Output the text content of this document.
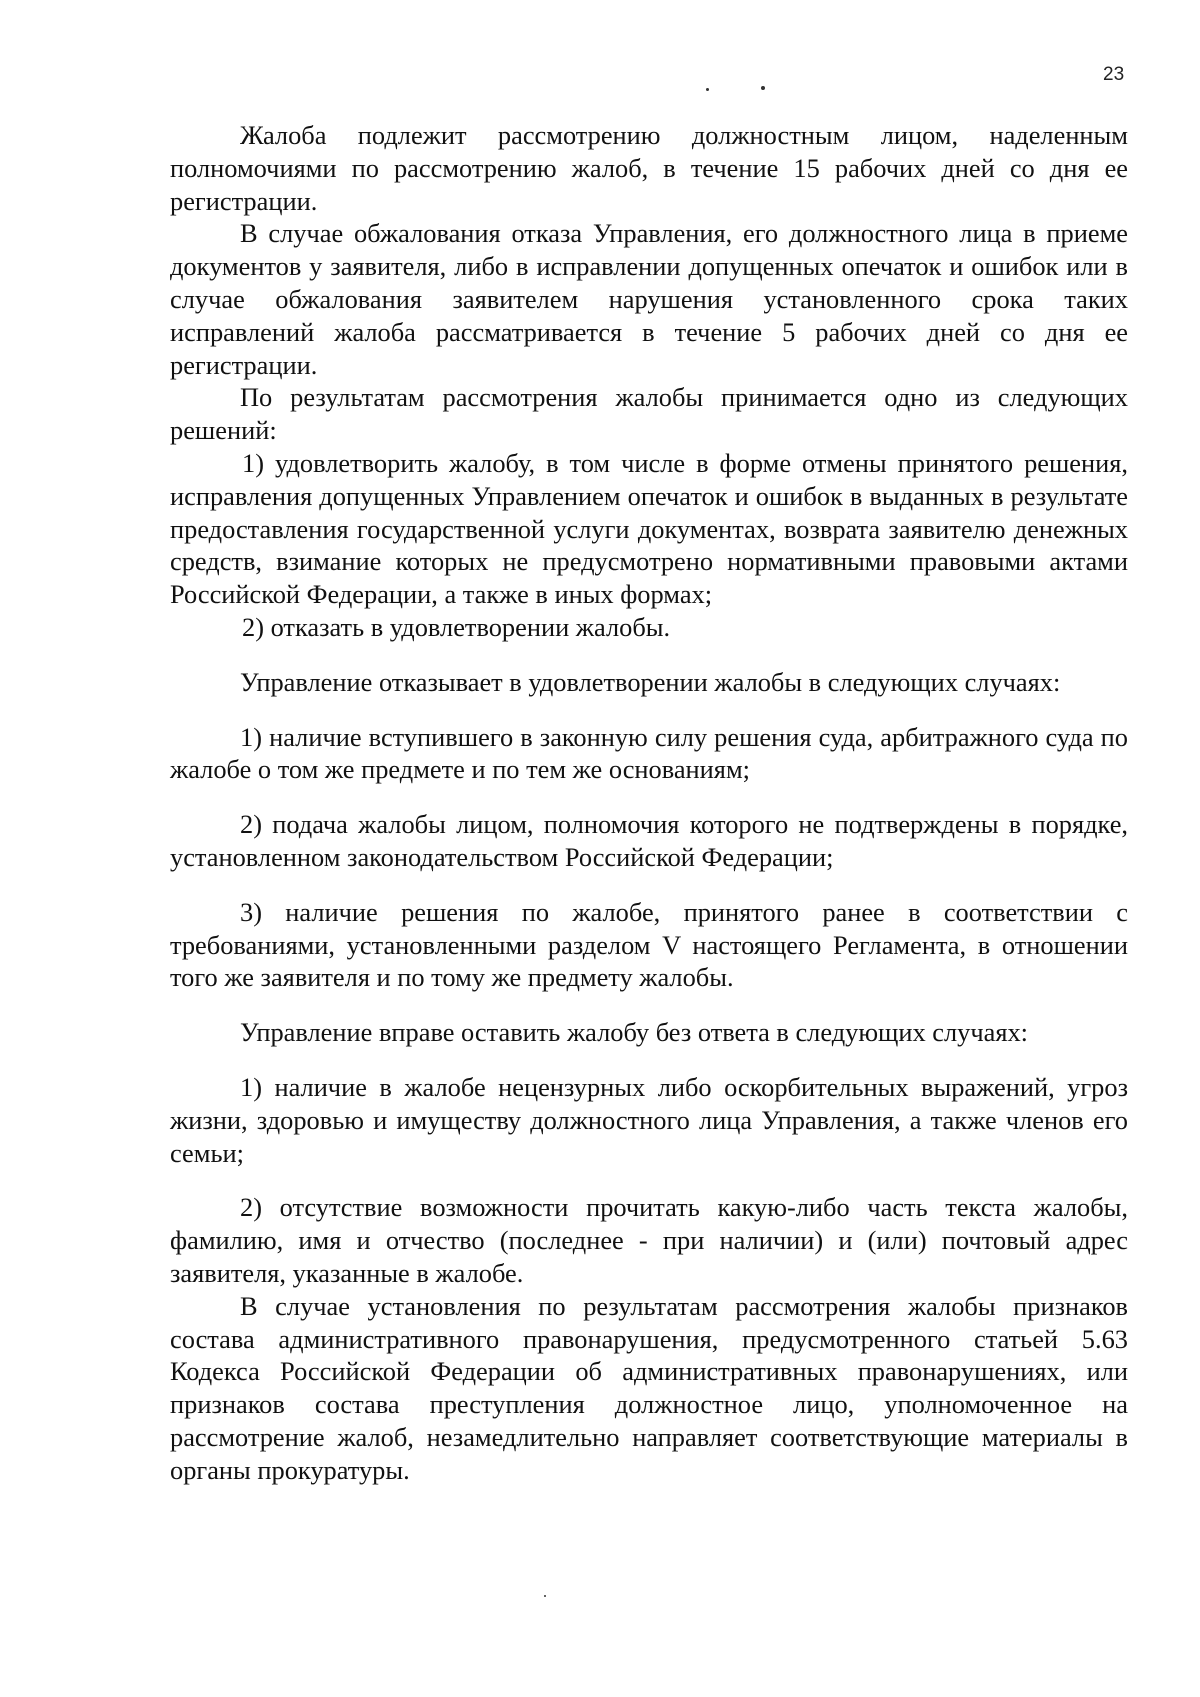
23

Жалоба подлежит рассмотрению должностным лицом, наделенным полномочиями по рассмотрению жалоб, в течение 15 рабочих дней со дня ее регистрации.

В случае обжалования отказа Управления, его должностного лица в приеме документов у заявителя, либо в исправлении допущенных опечаток и ошибок или в случае обжалования заявителем нарушения установленного срока таких исправлений жалоба рассматривается в течение 5 рабочих дней со дня ее регистрации.

По результатам рассмотрения жалобы принимается одно из следующих решений:

1) удовлетворить жалобу, в том числе в форме отмены принятого решения, исправления допущенных Управлением опечаток и ошибок в выданных в результате предоставления государственной услуги документах, возврата заявителю денежных средств, взимание которых не предусмотрено нормативными правовыми актами Российской Федерации, а также в иных формах;

2) отказать в удовлетворении жалобы.

Управление отказывает в удовлетворении жалобы в следующих случаях:

1) наличие вступившего в законную силу решения суда, арбитражного суда по жалобе о том же предмете и по тем же основаниям;

2) подача жалобы лицом, полномочия которого не подтверждены в порядке, установленном законодательством Российской Федерации;

3) наличие решения по жалобе, принятого ранее в соответствии с требованиями, установленными разделом V настоящего Регламента, в отношении того же заявителя и по тому же предмету жалобы.

Управление вправе оставить жалобу без ответа в следующих случаях:

1) наличие в жалобе нецензурных либо оскорбительных выражений, угроз жизни, здоровью и имуществу должностного лица Управления, а также членов его семьи;

2) отсутствие возможности прочитать какую-либо часть текста жалобы, фамилию, имя и отчество (последнее - при наличии) и (или) почтовый адрес заявителя, указанные в жалобе.

В случае установления по результатам рассмотрения жалобы признаков состава административного правонарушения, предусмотренного статьей 5.63 Кодекса Российской Федерации об административных правонарушениях, или признаков состава преступления должностное лицо, уполномоченное на рассмотрение жалоб, незамедлительно направляет соответствующие материалы в органы прокуратуры.
